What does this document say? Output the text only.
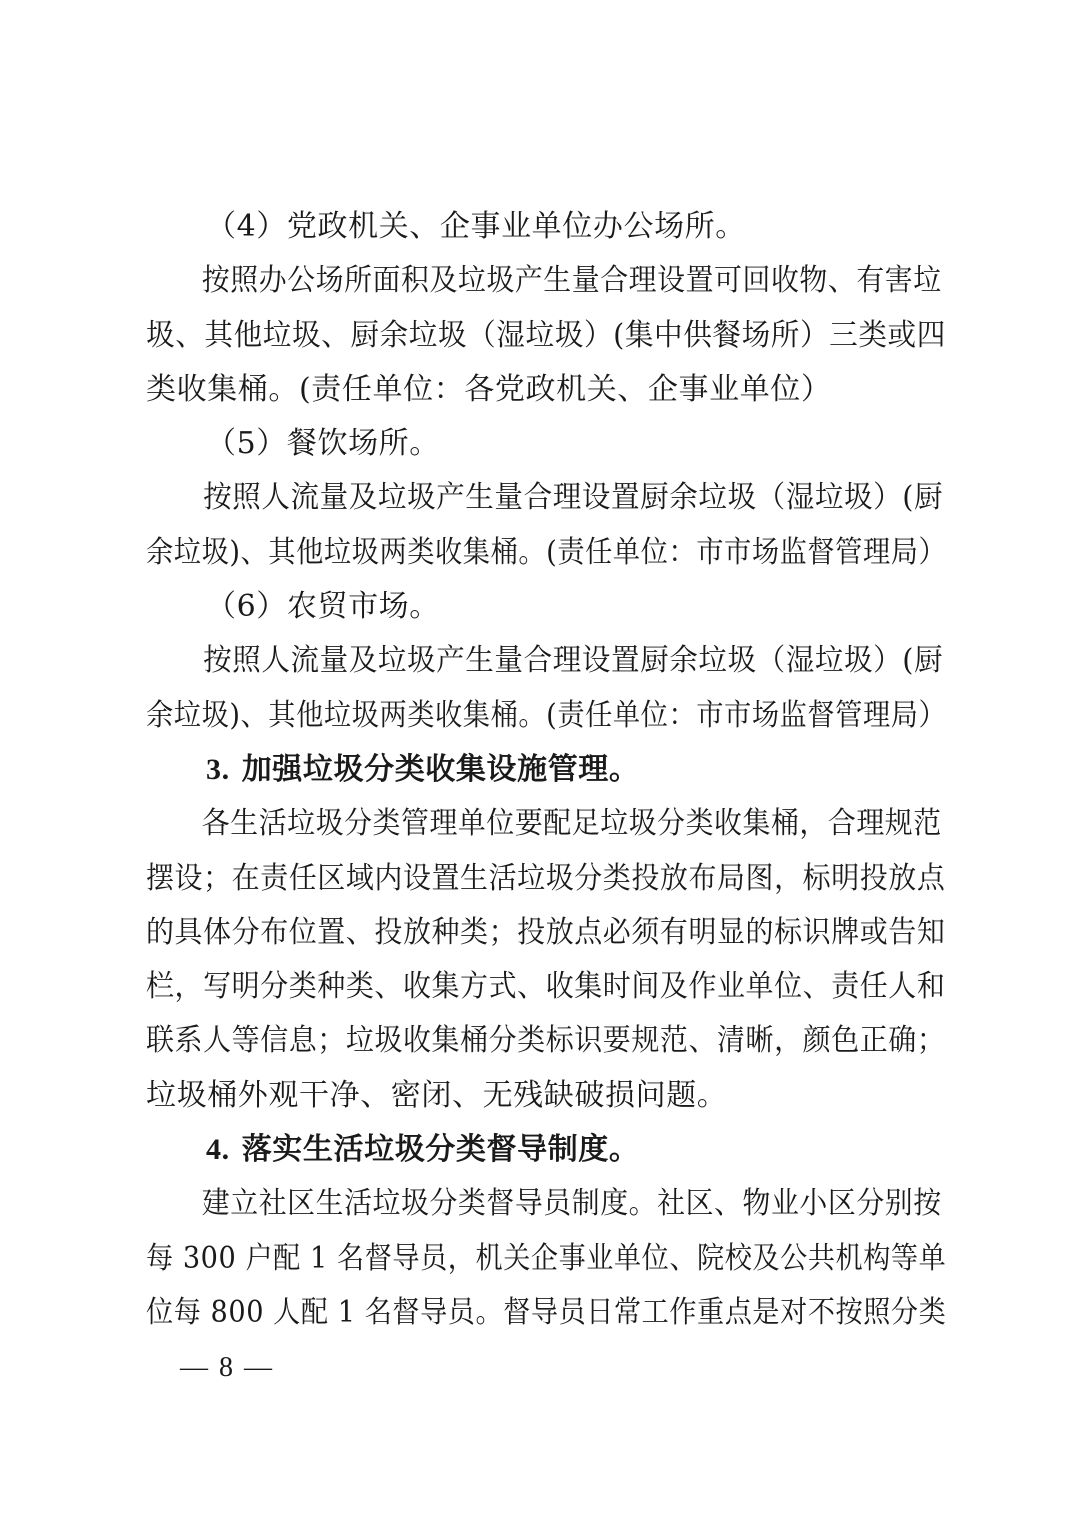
（4）党政机关、企事业单位办公场所。
按照办公场所面积及垃圾产生量合理设置可回收物、有害垃
圾、其他垃圾、厨余垃圾（湿垃圾）(集中供餐场所）三类或四
类收集桶。(责任单位：各党政机关、企事业单位）
（5）餐饮场所。
按照人流量及垃圾产生量合理设置厨余垃圾（湿垃圾）(厨
余垃圾)、其他垃圾两类收集桶。(责任单位：市市场监督管理局）
（6）农贸市场。
按照人流量及垃圾产生量合理设置厨余垃圾（湿垃圾）(厨
余垃圾)、其他垃圾两类收集桶。(责任单位：市市场监督管理局）
3. 加强垃圾分类收集设施管理。
各生活垃圾分类管理单位要配足垃圾分类收集桶，合理规范
摆设；在责任区域内设置生活垃圾分类投放布局图，标明投放点
的具体分布位置、投放种类；投放点必须有明显的标识牌或告知
栏，写明分类种类、收集方式、收集时间及作业单位、责任人和
联系人等信息；垃圾收集桶分类标识要规范、清晰，颜色正确；
垃圾桶外观干净、密闭、无残缺破损问题。
4. 落实生活垃圾分类督导制度。
建立社区生活垃圾分类督导员制度。社区、物业小区分别按
每 300 户配 1 名督导员，机关企事业单位、院校及公共机构等单
位每 800 人配 1 名督导员。督导员日常工作重点是对不按照分类
— 8 —
